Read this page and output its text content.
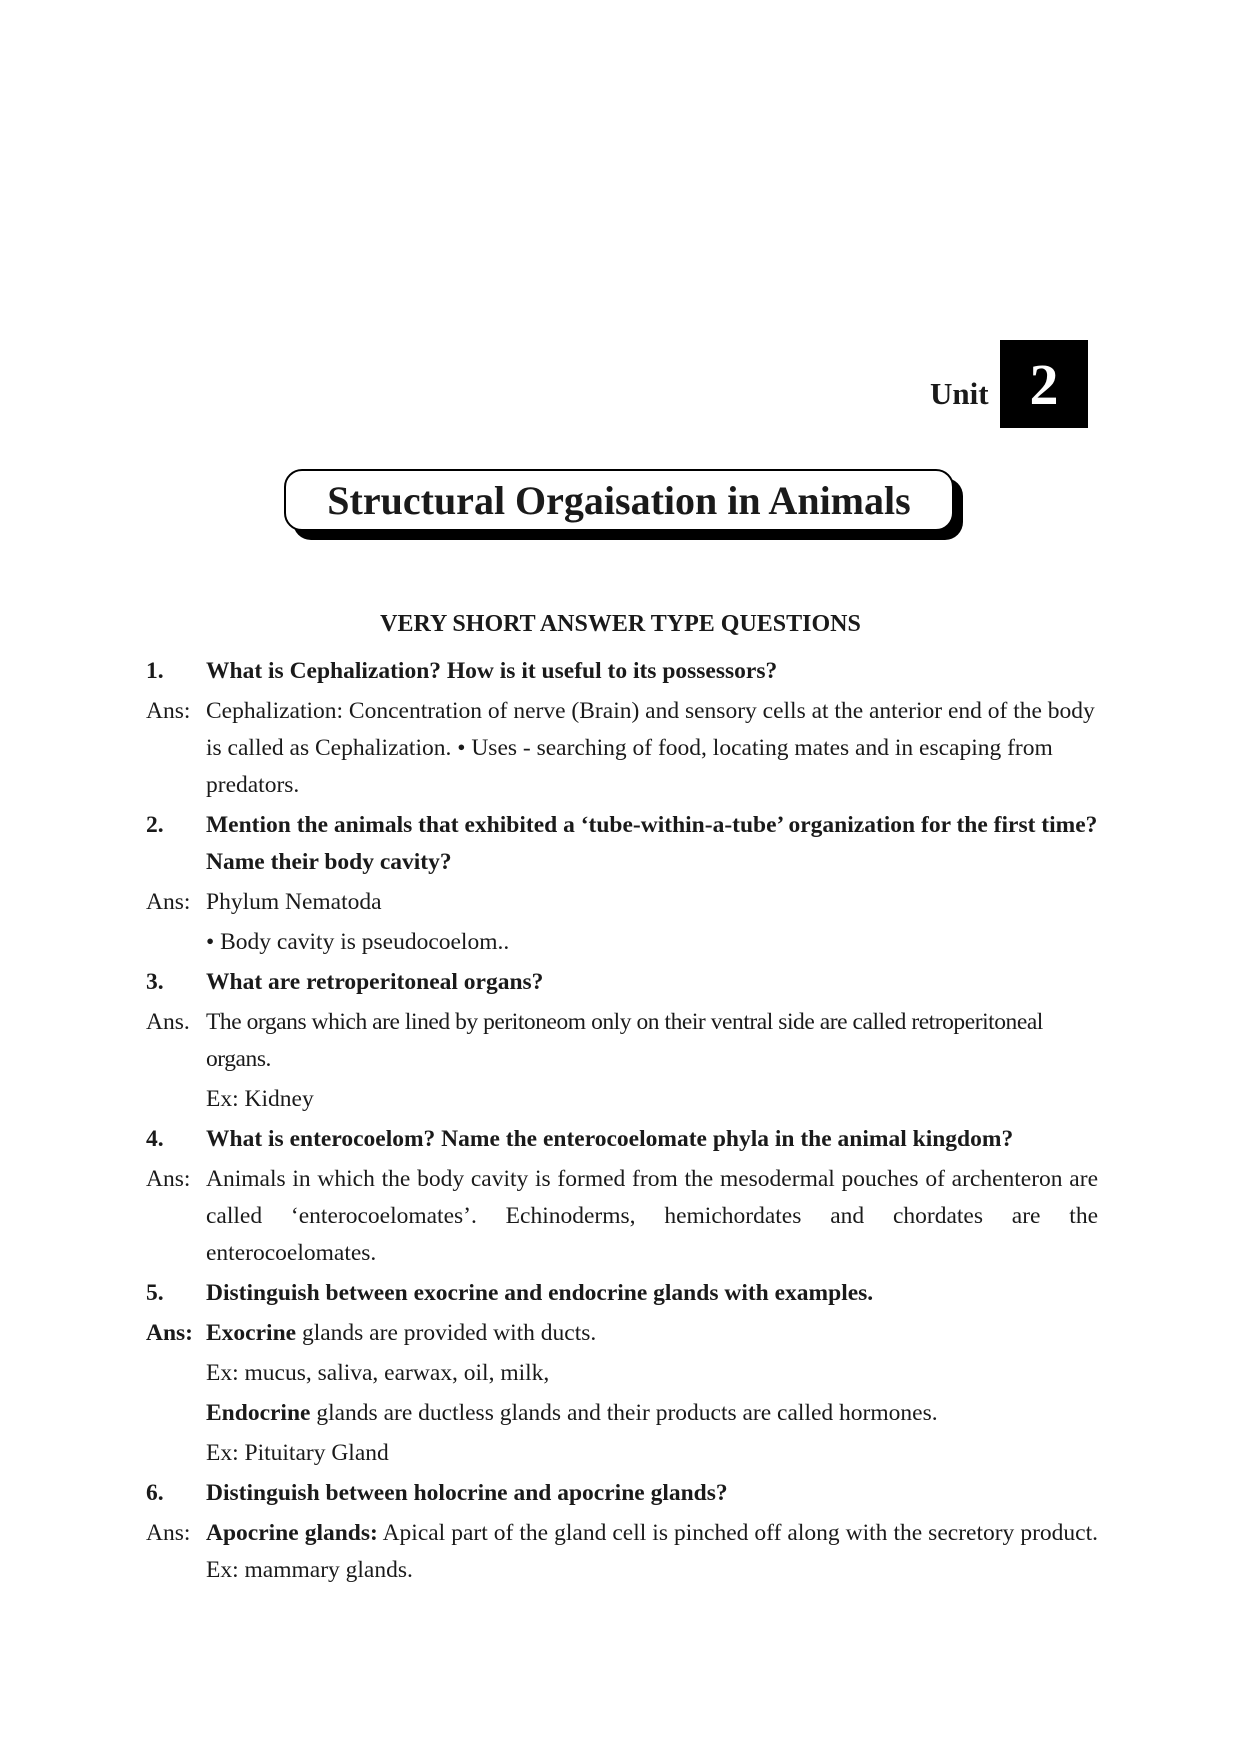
Unit 2
Structural Orgaisation in Animals
VERY SHORT ANSWER TYPE QUESTIONS
1.	What is Cephalization? How is it useful to its possessors?
Ans: Cephalization: Concentration of nerve (Brain) and sensory cells at the anterior end of the body is called as Cephalization. • Uses - searching of food, locating mates and in escaping from predators.
2.	Mention the animals that exhibited a ‘tube-within-a-tube’ organization for the first time? Name their body cavity?
Ans: Phylum Nematoda
• Body cavity is pseudocoelom..
3.	What are retroperitoneal organs?
Ans. The organs which are lined by peritoneom only on their ventral side are called retroperitoneal organs.
Ex: Kidney
4.	What is enterocoelom? Name the enterocoelomate phyla in the animal kingdom?
Ans: Animals in which the body cavity is formed from the mesodermal pouches of archenteron are called ‘enterocoelomates’. Echinoderms, hemichordates and chordates are the enterocoelomates.
5.	Distinguish between exocrine and endocrine glands with examples.
Ans: Exocrine glands are provided with ducts.
Ex: mucus, saliva, earwax, oil, milk,
Endocrine glands are ductless glands and their products are called hormones.
Ex: Pituitary Gland
6.	Distinguish between holocrine and apocrine glands?
Ans: Apocrine glands: Apical part of the gland cell is pinched off along with the secretory product. Ex: mammary glands.
